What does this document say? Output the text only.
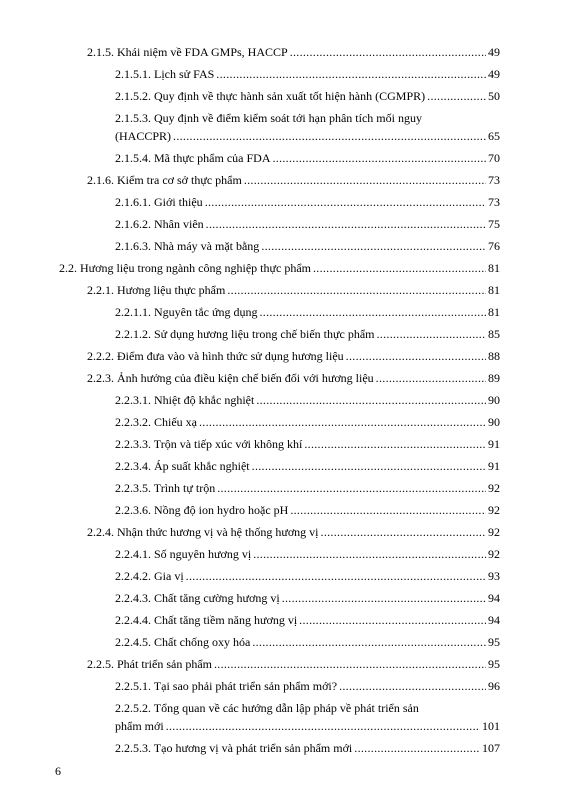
2.1.5. Khái niệm về FDA GMPs, HACCP .....	49
2.1.5.1. Lịch sử FAS .....	49
2.1.5.2. Quy định về thực hành sản xuất tốt hiện hành (CGMPR) .....	50
2.1.5.3. Quy định về điểm kiểm soát tới hạn phân tích mối nguy
(HACCPR) .....	65
2.1.5.4. Mã thực phẩm của FDA .....	70
2.1.6. Kiểm tra cơ sở thực phẩm .....	73
2.1.6.1. Giới thiệu .....	73
2.1.6.2. Nhân viên .....	75
2.1.6.3. Nhà máy và mặt bằng .....	76
2.2. Hương liệu trong ngành công nghiệp thực phẩm .....	81
2.2.1. Hương liệu thực phẩm .....	81
2.2.1.1. Nguyên tắc ứng dụng .....	81
2.2.1.2. Sử dụng hương liệu trong chế biến thực phẩm .....	85
2.2.2. Điểm đưa vào và hình thức sử dụng hương liệu .....	88
2.2.3. Ảnh hưởng của điều kiện chế biến đối với hương liệu .....	89
2.2.3.1. Nhiệt độ khắc nghiệt .....	90
2.2.3.2. Chiếu xạ .....	90
2.2.3.3. Trộn và tiếp xúc với không khí .....	91
2.2.3.4. Áp suất khắc nghiệt .....	91
2.2.3.5. Trình tự trộn .....	92
2.2.3.6. Nồng độ ion hydro hoặc pH .....	92
2.2.4. Nhận thức hương vị và hệ thống hương vị .....	92
2.2.4.1. Số nguyên hương vị .....	92
2.2.4.2. Gia vị .....	93
2.2.4.3. Chất tăng cường hương vị .....	94
2.2.4.4. Chất tăng tiềm năng hương vị .....	94
2.2.4.5. Chất chống oxy hóa .....	95
2.2.5. Phát triển sản phẩm .....	95
2.2.5.1. Tại sao phải phát triển sản phẩm mới? .....	96
2.2.5.2. Tổng quan về các hướng dẫn lập pháp về phát triển sản
phẩm mới .....	101
2.2.5.3. Tạo hương vị và phát triển sản phẩm mới .....	107
6
